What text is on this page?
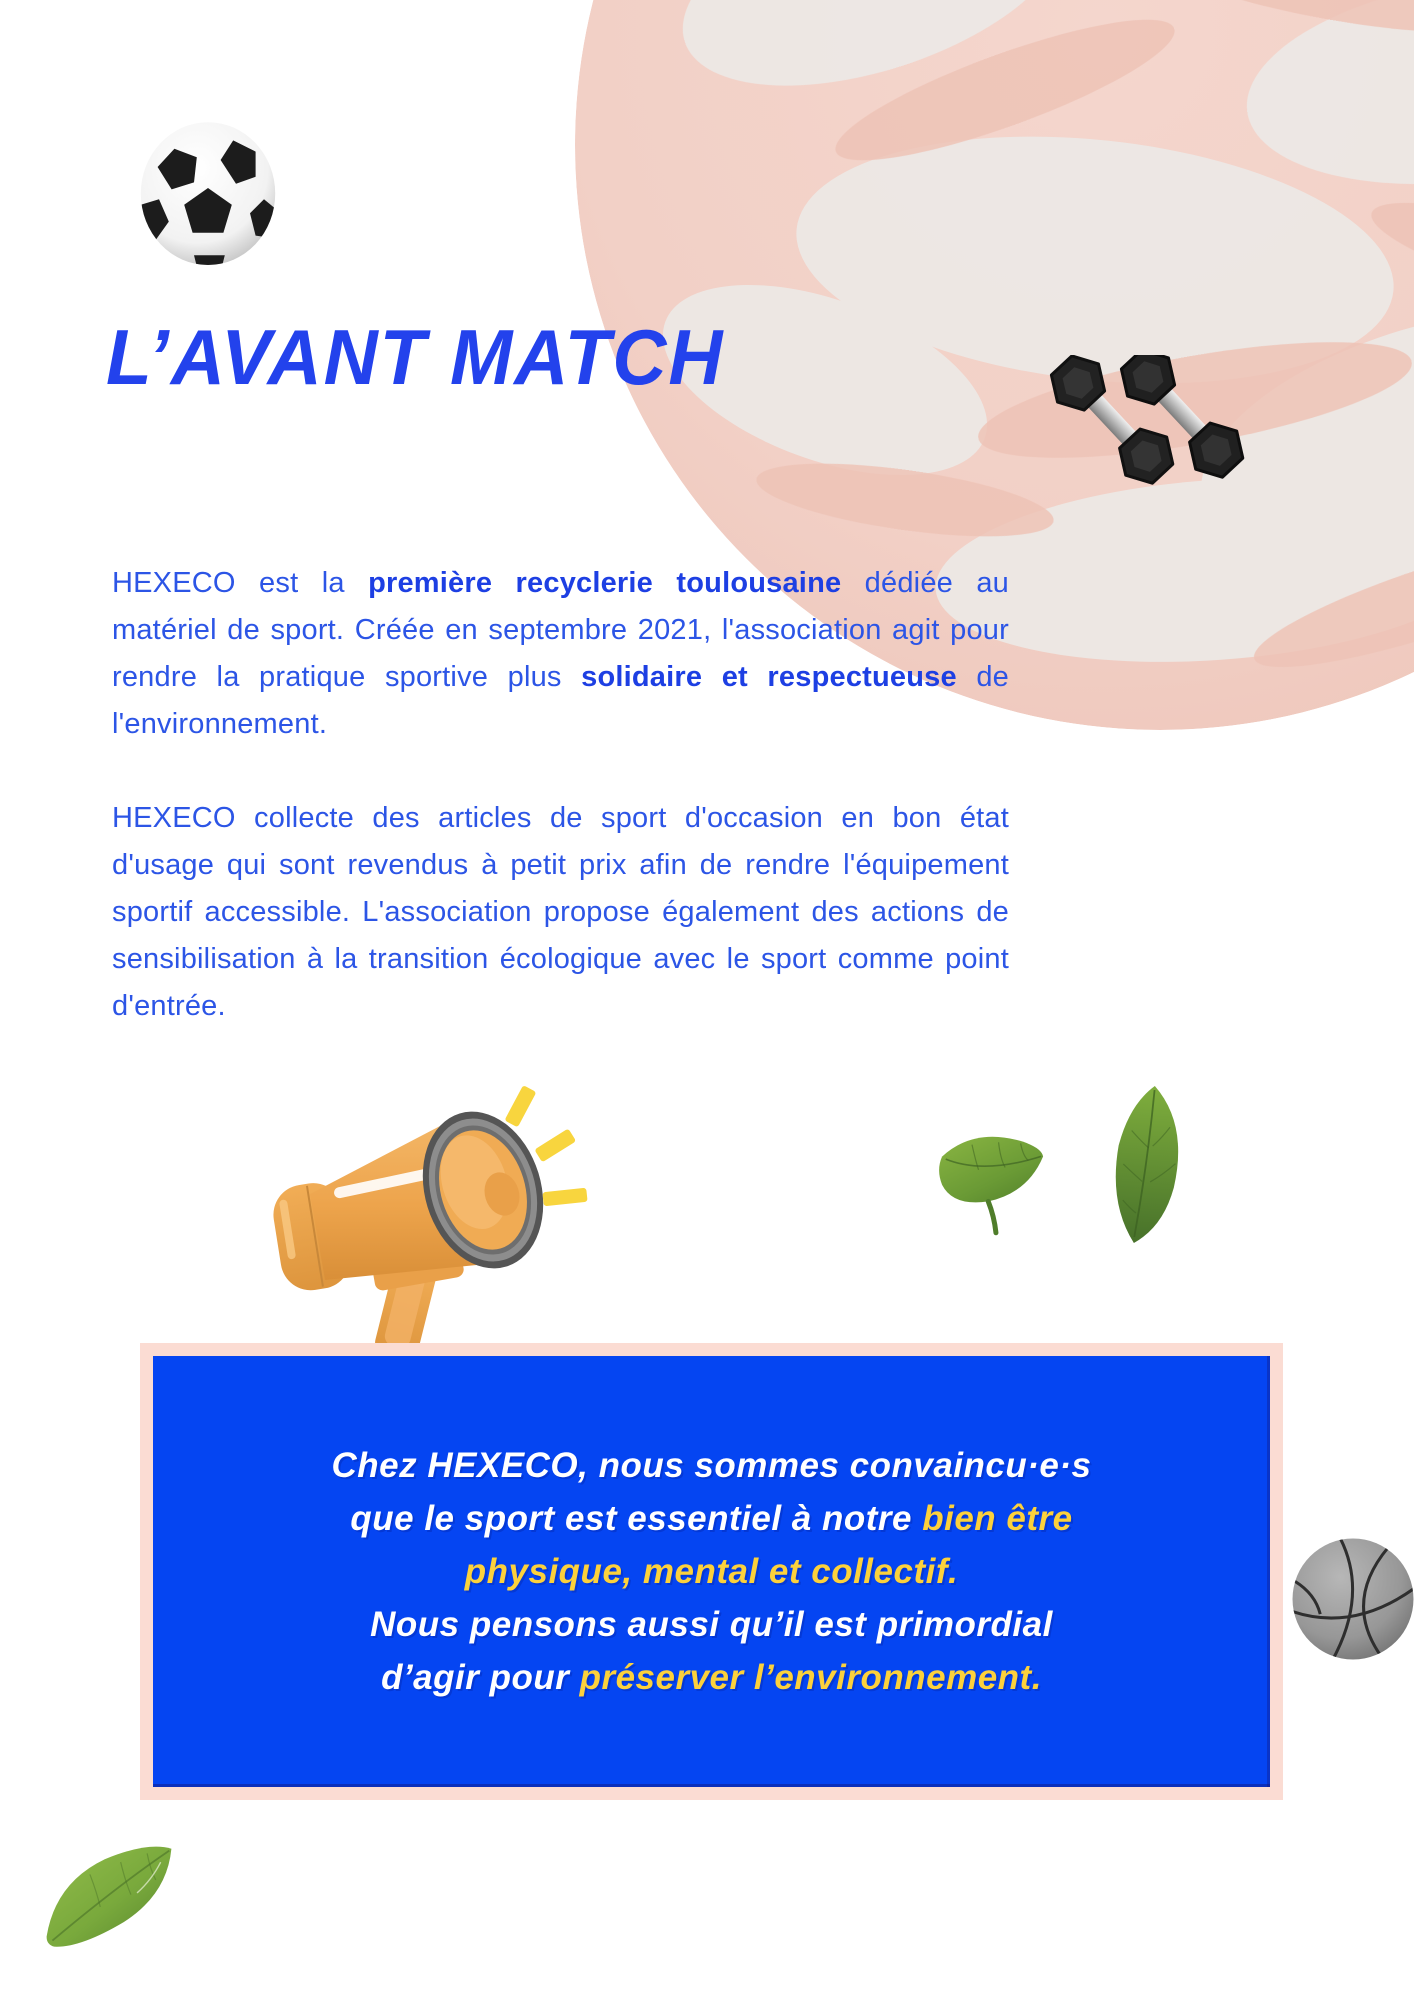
L’AVANT MATCH
HEXECO est la première recyclerie toulousaine dédiée au matériel de sport. Créée en septembre 2021, l'association agit pour rendre la pratique sportive plus solidaire et respectueuse de l'environnement.
HEXECO collecte des articles de sport d'occasion en bon état d'usage qui sont revendus à petit prix afin de rendre l'équipement sportif accessible. L'association propose également des actions de sensibilisation à la transition écologique avec le sport comme point d'entrée.
Chez HEXECO, nous sommes convaincu·e·s
que le sport est essentiel à notre bien être
physique, mental et collectif.
Nous pensons aussi qu’il est primordial
d’agir pour préserver l’environnement.
